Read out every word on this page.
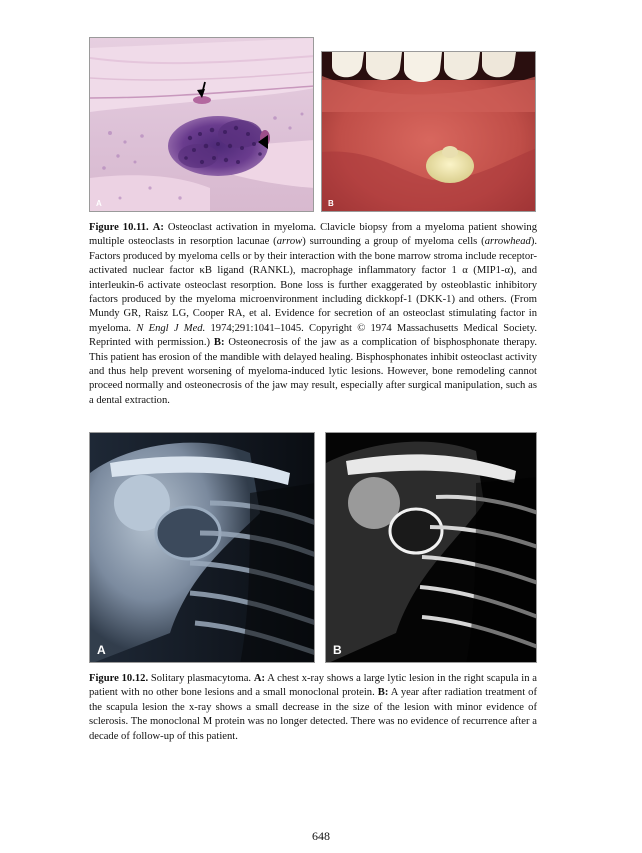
A	B
Figure 10.11. A: Osteoclast activation in myeloma. Clavicle biopsy from a myeloma patient showing multiple osteoclasts in resorption lacunae (arrow) surrounding a group of myeloma cells (arrowhead). Factors produced by myeloma cells or by their interaction with the bone marrow stroma include receptor-activated nuclear factor κB ligand (RANKL), macrophage inflammatory factor 1 α (MIP1-α), and interleukin-6 activate osteoclast resorption. Bone loss is further exaggerated by osteoblastic inhibitory factors produced by the myeloma microenvironment including dickkopf-1 (DKK-1) and others. (From Mundy GR, Raisz LG, Cooper RA, et al. Evidence for secretion of an osteoclast stimulating factor in myeloma. N Engl J Med. 1974;291:1041–1045. Copyright © 1974 Massachusetts Medical Society. Reprinted with permission.) B: Osteonecrosis of the jaw as a complication of bisphosphonate therapy. This patient has erosion of the mandible with delayed healing. Bisphosphonates inhibit osteoclast activity and thus help prevent worsening of myeloma-induced lytic lesions. However, bone remodeling cannot proceed normally and osteonecrosis of the jaw may result, especially after surgical manipulation, such as a dental extraction.
A	B
Figure 10.12. Solitary plasmacytoma. A: A chest x-ray shows a large lytic lesion in the right scapula in a patient with no other bone lesions and a small monoclonal protein. B: A year after radiation treatment of the scapula lesion the x-ray shows a small decrease in the size of the lesion with minor evidence of sclerosis. The monoclonal M protein was no longer detected. There was no evidence of recurrence after a decade of follow-up of this patient.
648
